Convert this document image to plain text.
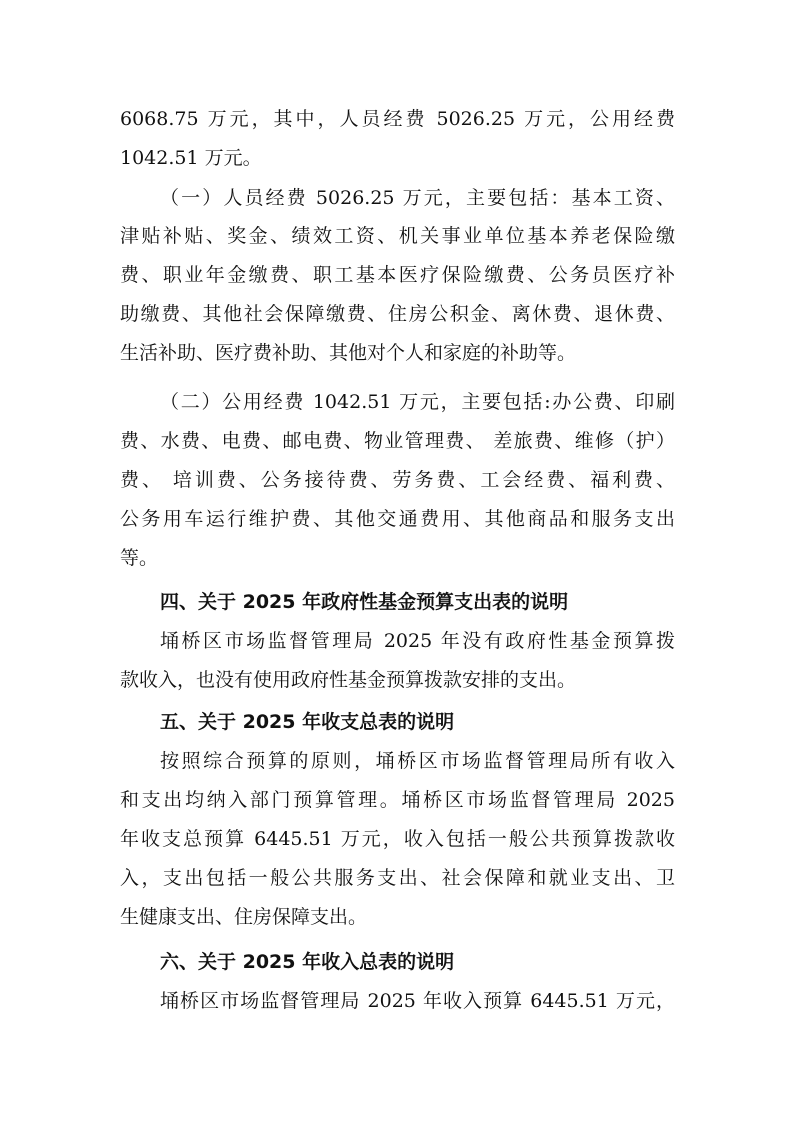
6068.75 万元，其中，人员经费 5026.25 万元，公用经费
1042.51 万元。
（一）人员经费 5026.25 万元，主要包括：基本工资、
津贴补贴、奖金、绩效工资、机关事业单位基本养老保险缴
费、职业年金缴费、职工基本医疗保险缴费、公务员医疗补
助缴费、其他社会保障缴费、住房公积金、离休费、退休费、
生活补助、医疗费补助、其他对个人和家庭的补助等。
（二）公用经费 1042.51 万元，主要包括:办公费、印刷
费、水费、电费、邮电费、物业管理费、 差旅费、维修（护）
费、 培训费、公务接待费、劳务费、工会经费、福利费、
公务用车运行维护费、其他交通费用、其他商品和服务支出
等。
四、关于 2025 年政府性基金预算支出表的说明
埇桥区市场监督管理局 2025 年没有政府性基金预算拨
款收入，也没有使用政府性基金预算拨款安排的支出。
五、关于 2025 年收支总表的说明
按照综合预算的原则，埇桥区市场监督管理局所有收入
和支出均纳入部门预算管理。埇桥区市场监督管理局 2025
年收支总预算 6445.51 万元，收入包括一般公共预算拨款收
入，支出包括一般公共服务支出、社会保障和就业支出、卫
生健康支出、住房保障支出。
六、关于 2025 年收入总表的说明
埇桥区市场监督管理局 2025 年收入预算 6445.51 万元，
